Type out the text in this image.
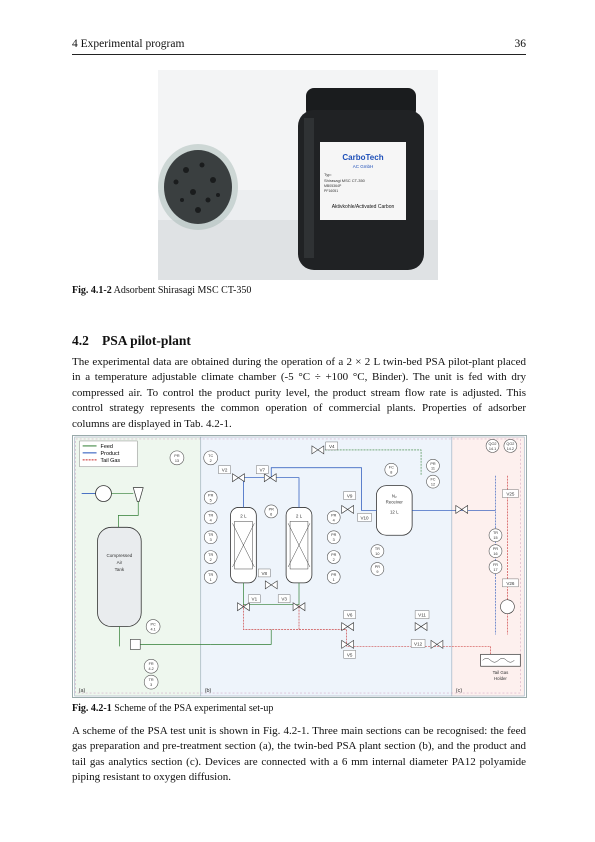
4 Experimental program	36
CarboTech
AC GmbH
Typ:
Shirasagi MSC CT-350
MB05364P
PF16051
Aktivkohle/Activated Carbon
Fig. 4.1-2 Adsorbent Shirasagi MSC CT-350
4.2 PSA pilot-plant

The experimental data are obtained during the operation of a 2 × 2 L twin-bed PSA pilot-plant placed in a temperature adjustable climate chamber (-5 °C ÷ +100 °C, Binder). The unit is fed with dry compressed air. To control the product purity level, the product stream flow rate is adjusted. This control strategy represents the common operation of commercial plants. Properties of adsorber columns are displayed in Tab. 4.2-1.

Feed
Product
Tail Gas
PR
13
TC
2
Compressed
Air
Tank
PC
4.1
FR
4.2
TR
3
2 L	2 L
N₂
Receiver
12 L
V2	V7
V4
V9
V10
V1	V3
V8
V6
V5
V11
V12
V25
V26
PR
5
TR
4
TR
3
TR
2
TR
1
PR
6	PR
4
PR
3
PR
2
PR
1
TR
10
PR
9
FC
8
PR
11
FC
12
QO2
14.1
QO2
14.2
TR
15
PR
16
FR
17
Tail Gas
Holder
(a)	(b)	(c)
Fig. 4.2-1 Scheme of the PSA experimental set-up

A scheme of the PSA test unit is shown in Fig. 4.2-1. Three main sections can be recognised: the feed gas preparation and pre-treatment section (a), the twin-bed PSA plant section (b), and the product and tail gas analytics section (c). Devices are connected with a 6 mm internal diameter PA12 polyamide piping resistant to oxygen diffusion.
